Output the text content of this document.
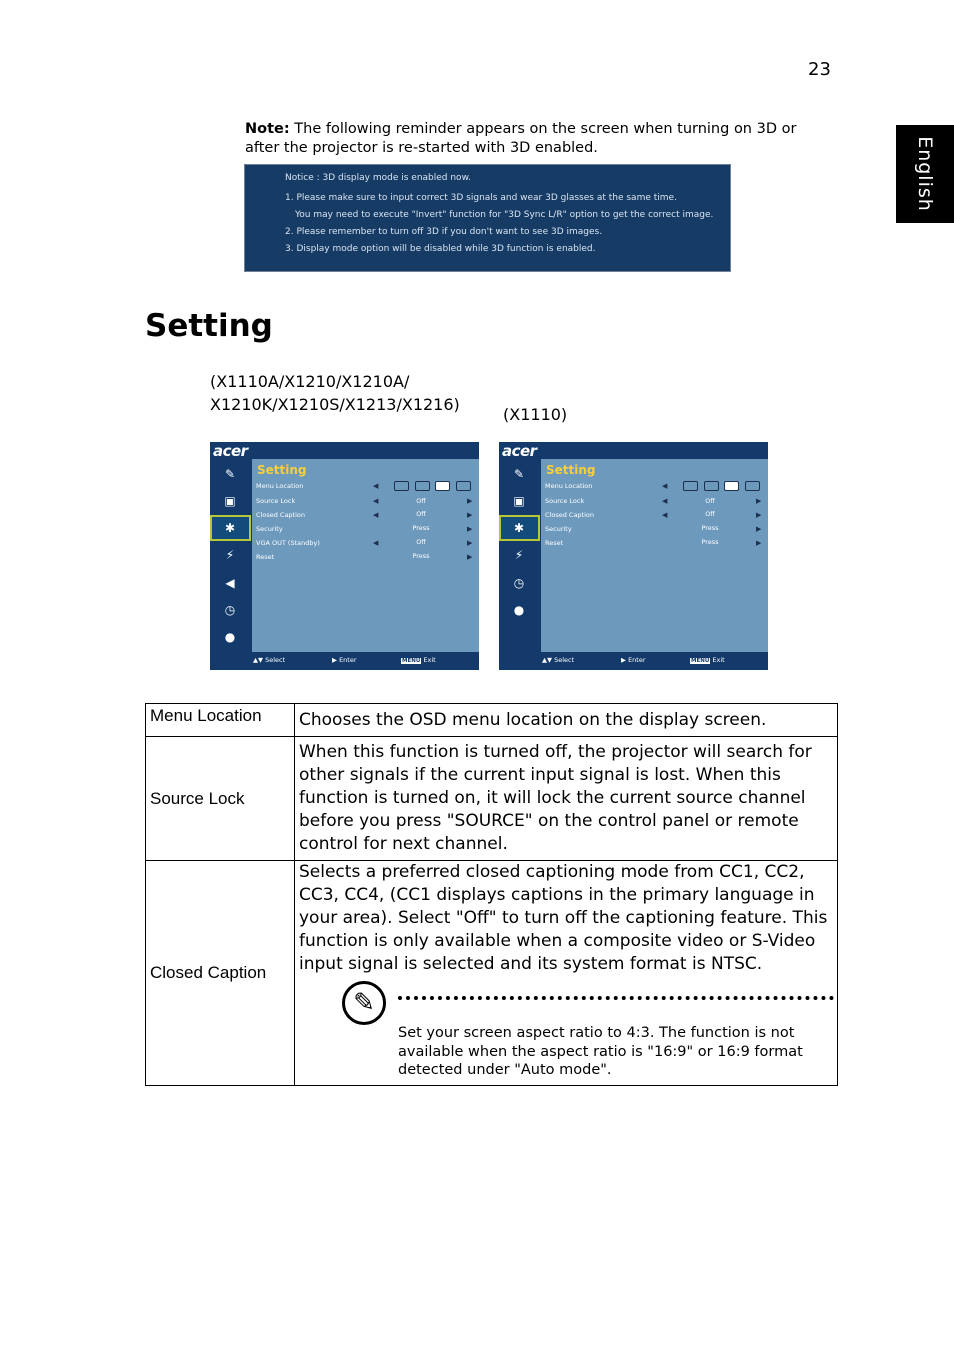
23
English
Note: The following reminder appears on the screen when turning on 3D or after the projector is re-started with 3D enabled.
Notice : 3D display mode is enabled now.
1. Please make sure to input correct 3D signals and wear 3D glasses at the same time.
You may need to execute "Invert" function for "3D Sync L/R" option to get the correct image.
2. Please remember to turn off 3D if you don't want to see 3D images.
3. Display mode option will be disabled while 3D function is enabled.
Setting
(X1110A/X1210/X1210A/
X1210K/X1210S/X1213/X1216)
(X1110)
acer
✎
▣
✱
⚡
◀
◷
●
Setting
Menu Location	◀
Source Lock	◀	Off	▶
Closed Caption	◀	Off	▶
Security	Press	▶
VGA OUT (Standby)	◀	Off	▶
Reset	Press	▶
▲▼ Select	▶ Enter	MENU Exit
acer
✎
▣
✱
⚡
◷
●
Setting
Menu Location	◀
Source Lock	◀	Off	▶
Closed Caption	◀	Off	▶
Security	Press	▶
Reset	Press	▶
▲▼ Select	▶ Enter	MENU Exit
Menu Location	Chooses the OSD menu location on the display screen.
Source Lock	When this function is turned off, the projector will search for other signals if the current input signal is lost. When this function is turned on, it will lock the current source channel before you press "SOURCE" on the control panel or remote control for next channel.
Closed Caption	Selects a preferred closed captioning mode from CC1, CC2, CC3, CC4, (CC1 displays captions in the primary language in your area). Select "Off" to turn off the captioning feature. This function is only available when a composite video or S-Video input signal is selected and its system format is NTSC.
✎
Set your screen aspect ratio to 4:3. The function is not available when the aspect ratio is "16:9" or 16:9 format detected under "Auto mode".
